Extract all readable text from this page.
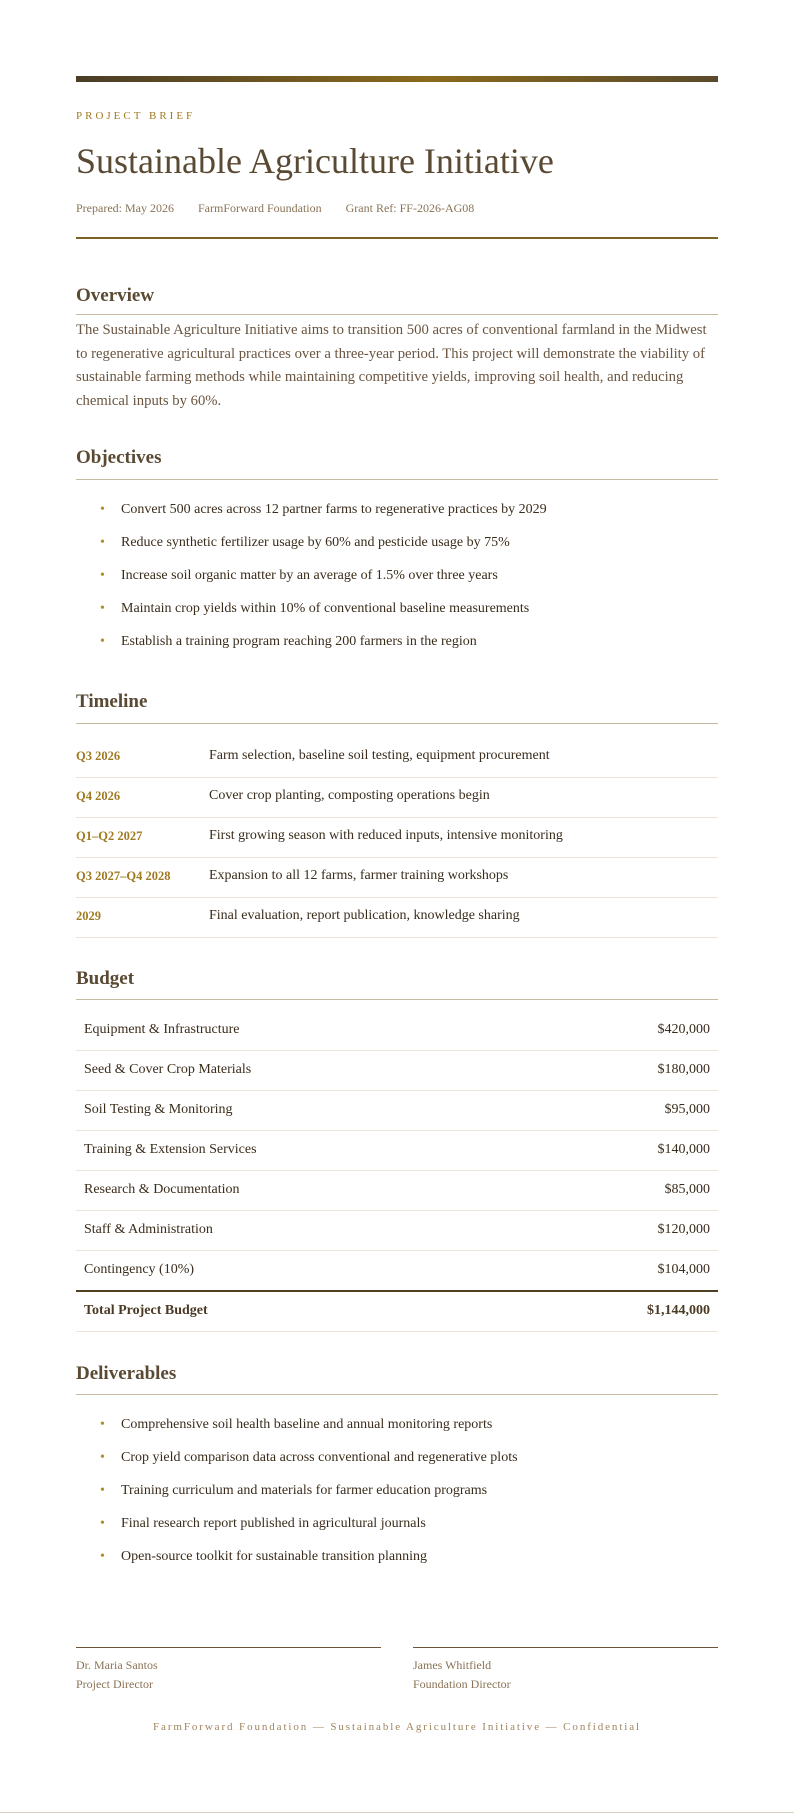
PROJECT BRIEF
Sustainable Agriculture Initiative
Prepared: May 2026 FarmForward Foundation Grant Ref: FF-2026-AG08
Overview

The Sustainable Agriculture Initiative aims to transition 500 acres of conventional farmland in the Midwest to regenerative agricultural practices over a three-year period. This project will demonstrate the viability of sustainable farming methods while maintaining competitive yields, improving soil health, and reducing chemical inputs by 60%.

Objectives
• Convert 500 acres across 12 partner farms to regenerative practices by 2029
• Reduce synthetic fertilizer usage by 60% and pesticide usage by 75%
• Increase soil organic matter by an average of 1.5% over three years
• Maintain crop yields within 10% of conventional baseline measurements
• Establish a training program reaching 200 farmers in the region
Timeline
Q3 2026	Farm selection, baseline soil testing, equipment procurement
Q4 2026	Cover crop planting, composting operations begin
Q1–Q2 2027	First growing season with reduced inputs, intensive monitoring
Q3 2027–Q4 2028	Expansion to all 12 farms, farmer training workshops
2029	Final evaluation, report publication, knowledge sharing
Budget
Equipment & Infrastructure	$420,000
Seed & Cover Crop Materials	$180,000
Soil Testing & Monitoring	$95,000
Training & Extension Services	$140,000
Research & Documentation	$85,000
Staff & Administration	$120,000
Contingency (10%)	$104,000
Total Project Budget	$1,144,000
Deliverables
• Comprehensive soil health baseline and annual monitoring reports
• Crop yield comparison data across conventional and regenerative plots
• Training curriculum and materials for farmer education programs
• Final research report published in agricultural journals
• Open-source toolkit for sustainable transition planning
Dr. Maria Santos
Project Director
James Whitfield
Foundation Director
FarmForward Foundation — Sustainable Agriculture Initiative — Confidential
